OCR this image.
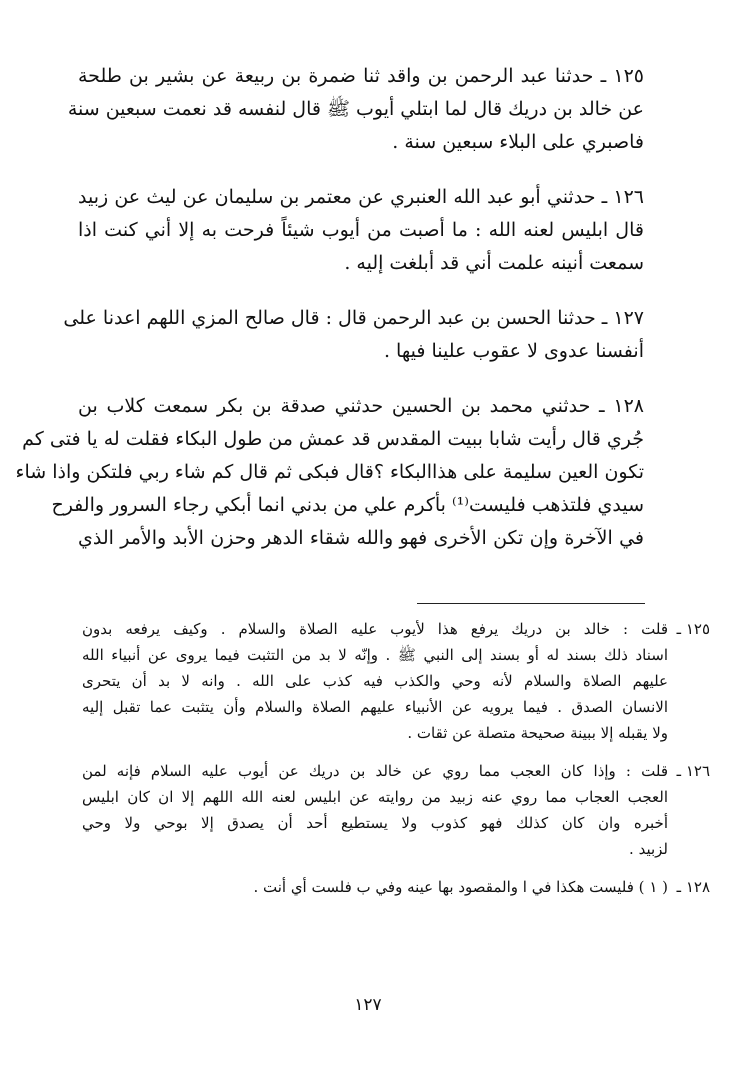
١٢٥ ـ حدثنا عبد الرحمن بن واقد ثنا ضمرة بن ربيعة عن بشير بن طلحة
عن خالد بن دريك قال لما ابتلي أيوب ﷺ قال لنفسه قد نعمت سبعين سنة
فاصبري على البلاء سبعين سنة .
١٢٦ ـ حدثني أبو عبد الله العنبري عن معتمر بن سليمان عن ليث عن زبيد
قال ابليس لعنه الله : ما أصبت من أيوب شيئاً فرحت به إلا أني كنت اذا
سمعت أنينه علمت أني قد أبلغت إليه .
١٢٧ ـ حدثنا الحسن بن عبد الرحمن قال : قال صالح المزي اللهم اعدنا على
أنفسنا عدوى لا عقوب علينا فيها .
١٢٨ ـ حدثني محمد بن الحسين حدثني صدقة بن بكر سمعت كلاب بن
جُري قال رأيت شابا ببيت المقدس قد عمش من طول البكاء فقلت له يا فتى كم
تكون العين سليمة على هذاالبكاء ؟قال فبكى ثم قال كم شاء ربي فلتكن واذا شاء
سيدي فلتذهب فليست⁽¹⁾ بأكرم علي من بدني انما أبكي رجاء السرور والفرح
في الآخرة وإن تكن الأخرى فهو والله شقاء الدهر وحزن الأبد والأمر الذي
١٢٥ ـ
قلت : خالد بن دريك يرفع هذا لأيوب عليه الصلاة والسلام . وكيف يرفعه بدون
اسناد ذلك بسند له أو بسند إلى النبي ﷺ . وإنّه لا بد من التثبت فيما يروى عن أنبياء الله
عليهم الصلاة والسلام لأنه وحي والكذب فيه كذب على الله . وانه لا بد أن يتحرى
الانسان الصدق . فيما يرويه عن الأنبياء عليهم الصلاة والسلام وأن يتثبت عما تقبل إليه
ولا يقبله إلا ببينة صحيحة متصلة عن ثقات .
١٢٦ ـ
قلت : وإذا كان العجب مما روي عن خالد بن دريك عن أيوب عليه السلام فإنه لمن
العجب العجاب مما روي عنه زبيد من روايته عن ابليس لعنه الله اللهم إلا ان كان ابليس
أخبره وان كان كذلك فهو كذوب ولا يستطيع أحد أن يصدق إلا بوحي ولا وحي
لزبيد .
١٢٨ ـ
( ١ ) فليست هكذا في ا والمقصود بها عينه وفي ب فلست أي أنت .
١٢٧
